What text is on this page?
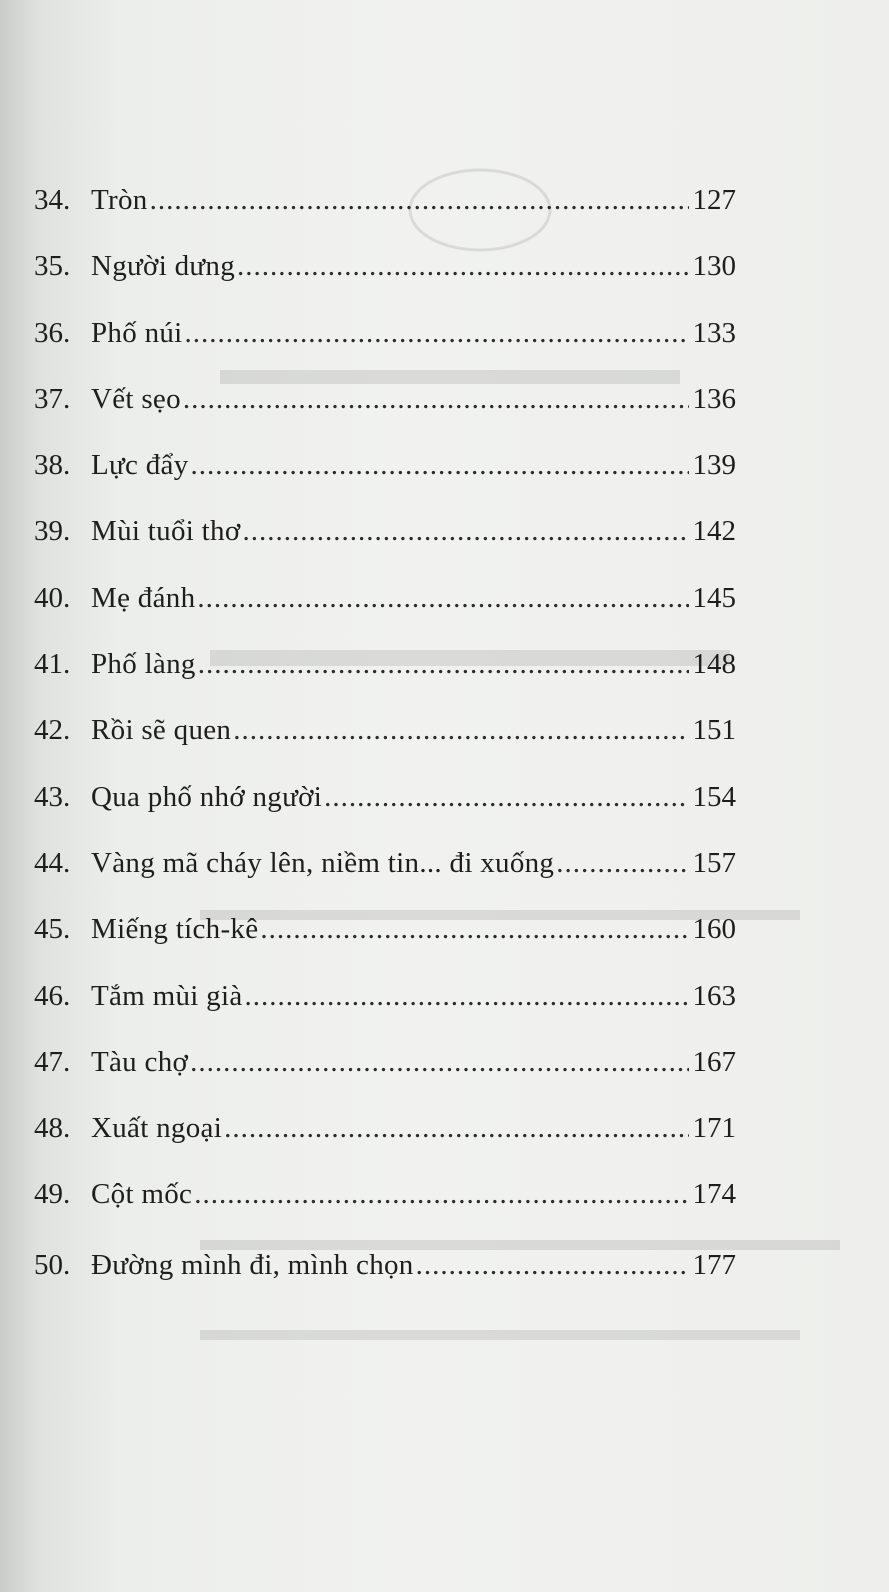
34. Tròn .....	127
35. Người dưng .....	130
36. Phố núi .....	133
37. Vết sẹo .....	136
38. Lực đẩy .....	139
39. Mùi tuổi thơ .....	142
40. Mẹ đánh .....	145
41. Phố làng .....	148
42. Rồi sẽ quen .....	151
43. Qua phố nhớ người .....	154
44. Vàng mã cháy lên, niềm tin... đi xuống .....	157
45. Miếng tích-kê .....	160
46. Tắm mùi già .....	163
47. Tàu chợ .....	167
48. Xuất ngoại .....	171
49. Cột mốc .....	174
50. Đường mình đi, mình chọn .....	177
